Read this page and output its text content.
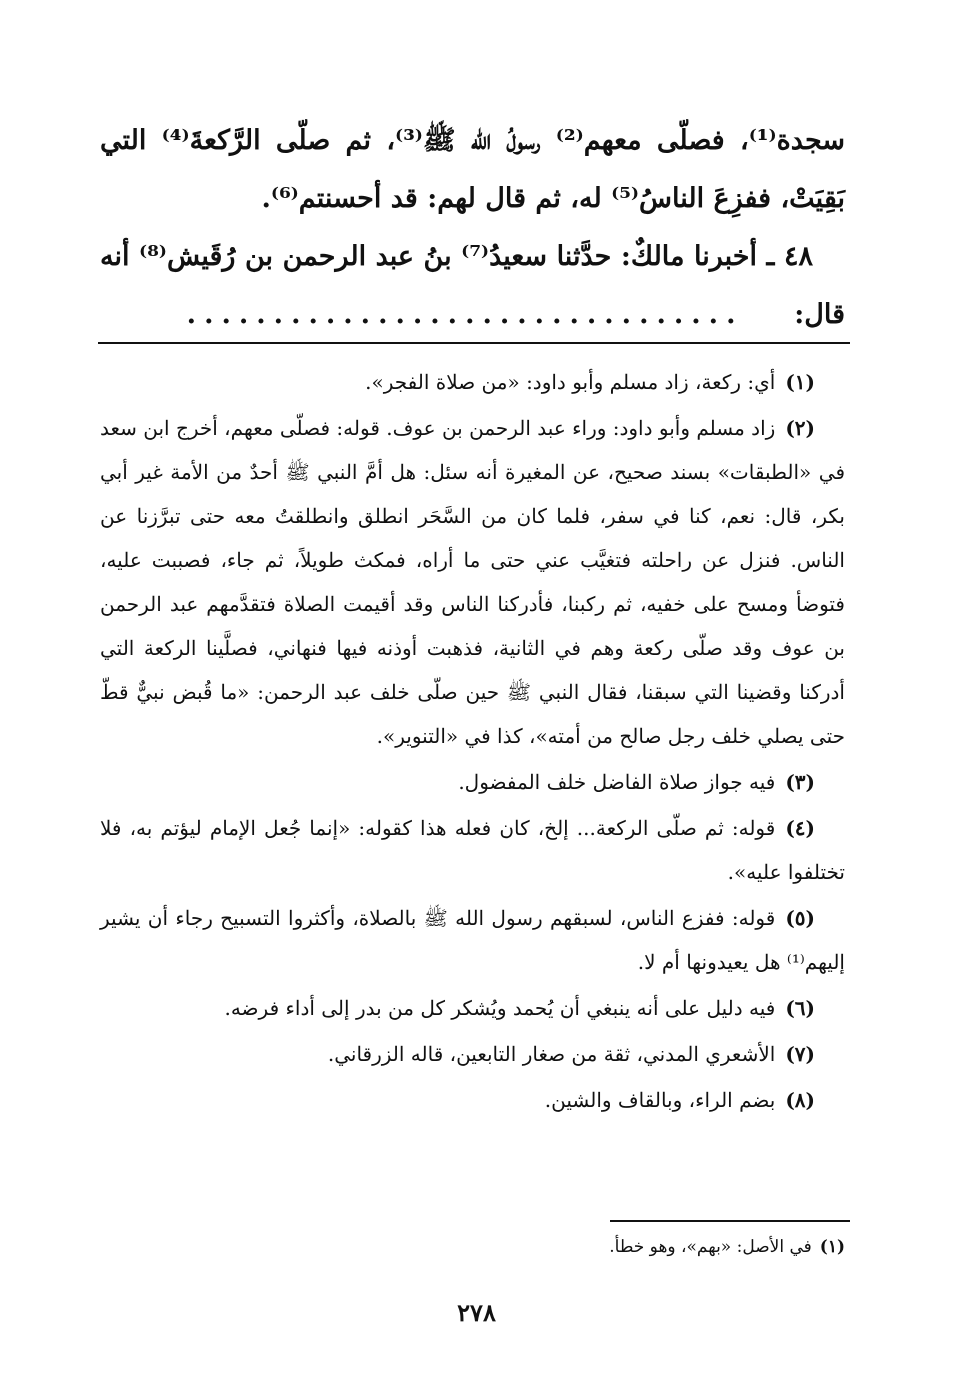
سجدة⁽¹⁾، فصلّى معهم⁽²⁾ رسولُ الله ﷺ⁽³⁾، ثم صلّى الرَّكعةَ⁽⁴⁾ التي بَقِيَتْ، ففزِعَ الناسُ⁽⁵⁾ له، ثم قال لهم: قد أحسنتم⁽⁶⁾.

٤٨ ـ أخبرنا مالكٌ: حدَّثنا سعيدُ⁽⁷⁾ بنُ عبد الرحمن بن رُقَيش⁽⁸⁾ أنه قال:  ................................

(١)أي: ركعة، زاد مسلم وأبو داود: «من صلاة الفجر».

(٢)زاد مسلم وأبو داود: وراء عبد الرحمن بن عوف. قوله: فصلّى معهم، أخرج ابن سعد في «الطبقات» بسند صحيح، عن المغيرة أنه سئل: هل أمَّ النبي ﷺ أحدٌ من الأمة غير أبي بكر، قال: نعم، كنا في سفر، فلما كان من السَّحَر انطلق وانطلقتُ معه حتى تبرَّزنا عن الناس. فنزل عن راحلته فتغيَّب عني حتى ما أراه، فمكث طويلاً، ثم جاء، فصببت عليه، فتوضأ ومسح على خفيه، ثم ركبنا، فأدركنا الناس وقد أقيمت الصلاة فتقدَّمهم عبد الرحمن بن عوف وقد صلّى ركعة وهم في الثانية، فذهبت أوذنه فيها فنهاني، فصلَّينا الركعة التي أدركنا وقضينا التي سبقنا، فقال النبي ﷺ حين صلّى خلف عبد الرحمن: «ما قُبض نبيٌّ قطّ حتى يصلي خلف رجل صالح من أمته»، كذا في «التنوير».

(٣)فيه جواز صلاة الفاضل خلف المفضول.

(٤)قوله: ثم صلّى الركعة... إلخ، كان فعله هذا كقوله: «إنما جُعل الإمام ليؤتم به، فلا تختلفوا عليه».

(٥)قوله: ففزع الناس، لسبقهم رسول الله ﷺ بالصلاة، وأكثروا التسبيح رجاء أن يشير إليهم⁽¹⁾ هل يعيدونها أم لا.

(٦)فيه دليل على أنه ينبغي أن يُحمد ويُشكر كل من بدر إلى أداء فرضه.

(٧)الأشعري المدني، ثقة من صغار التابعين، قاله الزرقاني.

(٨)بضم الراء، وبالقاف والشين.

(١)في الأصل: «بهم»، وهو خطأ.
٢٧٨
